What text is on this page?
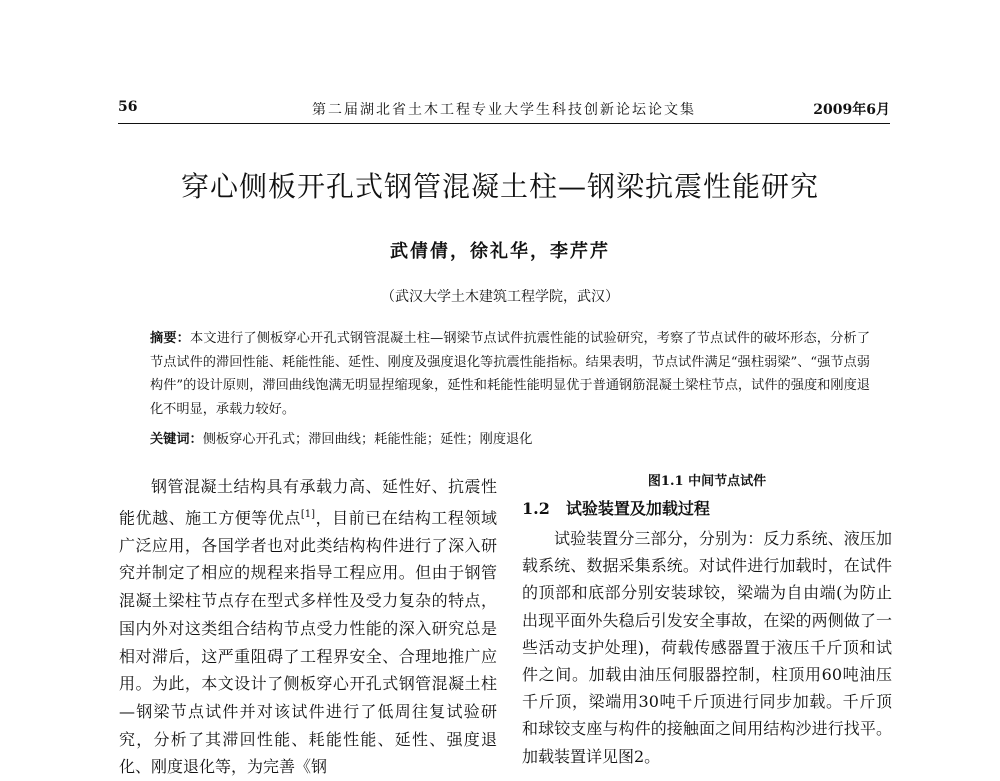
56	第二届湖北省土木工程专业大学生科技创新论坛论文集	2009年6月
穿心侧板开孔式钢管混凝土柱—钢梁抗震性能研究
武倩倩，徐礼华，李芹芹
（武汉大学土木建筑工程学院，武汉）
摘要：本文进行了侧板穿心开孔式钢管混凝土柱—钢梁节点试件抗震性能的试验研究，考察了节点试件的破坏形态，分析了节点试件的滞回性能、耗能性能、延性、刚度及强度退化等抗震性能指标。结果表明，节点试件满足“强柱弱梁”、“强节点弱构件”的设计原则，滞回曲线饱满无明显捏缩现象，延性和耗能性能明显优于普通钢筋混凝土梁柱节点，试件的强度和刚度退化不明显，承载力较好。
关键词：侧板穿心开孔式；滞回曲线；耗能性能；延性；刚度退化

钢管混凝土结构具有承载力高、延性好、抗震性能优越、施工方便等优点[1]，目前已在结构工程领域广泛应用，各国学者也对此类结构构件进行了深入研究并制定了相应的规程来指导工程应用。但由于钢管混凝土梁柱节点存在型式多样性及受力复杂的特点，国内外对这类组合结构节点受力性能的深入研究总是相对滞后，这严重阻碍了工程界安全、合理地推广应用。为此，本文设计了侧板穿心开孔式钢管混凝土柱—钢梁节点试件并对该试件进行了低周往复试验研究，分析了其滞回性能、耗能性能、延性、强度退化、刚度退化等，为完善《钢

图1.1 中间节点试件
1.2　试验装置及加载过程

试验装置分三部分，分别为：反力系统、液压加载系统、数据采集系统。对试件进行加载时，在试件的顶部和底部分别安装球铰，梁端为自由端(为防止出现平面外失稳后引发安全事故，在梁的两侧做了一些活动支护处理)，荷载传感器置于液压千斤顶和试件之间。加载由油压伺服器控制，柱顶用60吨油压千斤顶，梁端用30吨千斤顶进行同步加载。千斤顶和球铰支座与构件的接触面之间用结构沙进行找平。加载装置详见图2。
